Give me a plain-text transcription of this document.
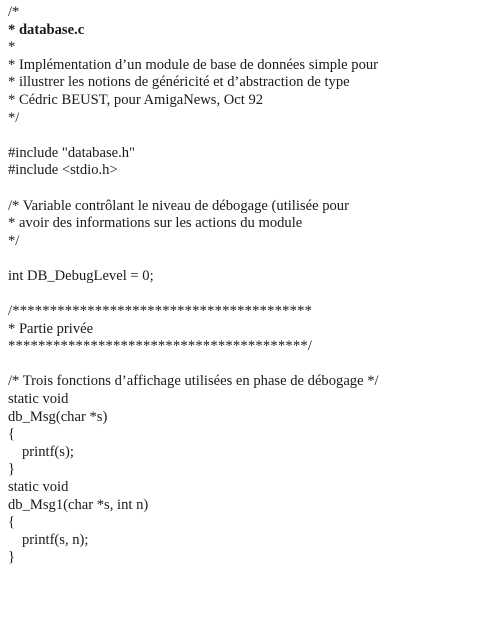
/*
* database.c
*
* Implémentation d’un module de base de données simple pour
* illustrer les notions de généricité et d’abstraction de type
* Cédric BEUST, pour AmigaNews, Oct 92
*/
#include "database.h"
#include <stdio.h>
/* Variable contrôlant le niveau de débogage (utilisée pour
* avoir des informations sur les actions du module
*/
int DB_DebugLevel = 0;
/****************************************
* Partie privée
****************************************/
/* Trois fonctions d’affichage utilisées en phase de débogage */
static void
db_Msg(char *s)
{
printf(s);
}
static void
db_Msg1(char *s, int n)
{
printf(s, n);
}
